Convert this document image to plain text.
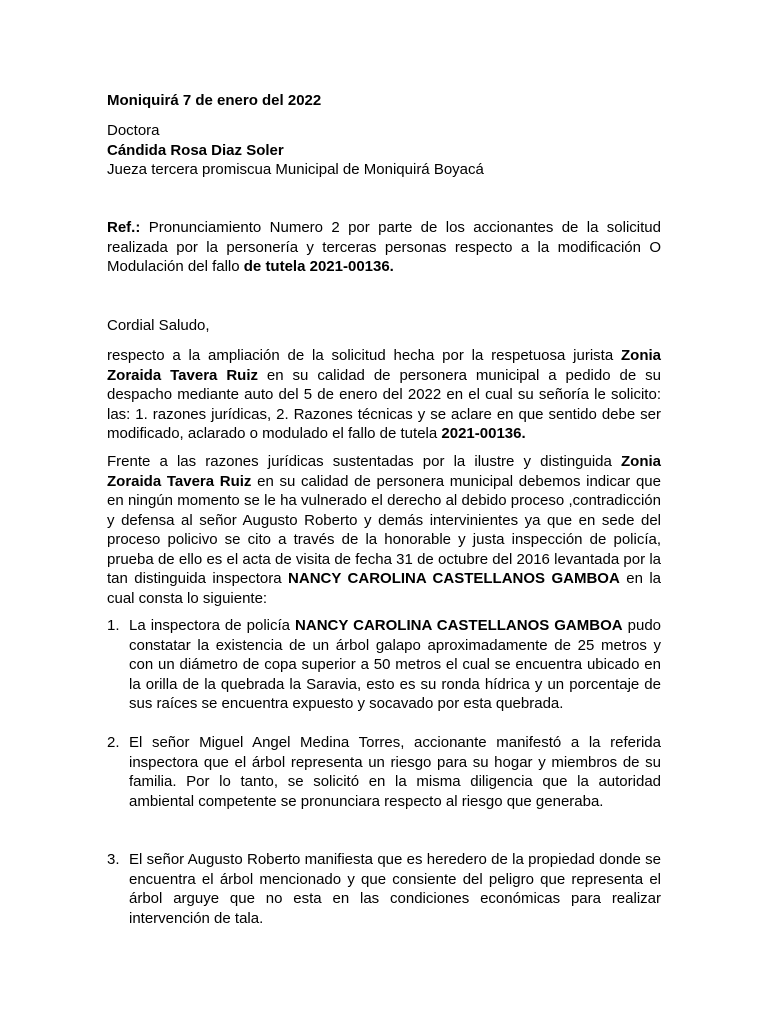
Moniquirá 7 de enero del 2022

Doctora
Cándida Rosa Diaz Soler
Jueza tercera promiscua Municipal de Moniquirá Boyacá

Ref.: Pronunciamiento Numero 2 por parte de los accionantes de la solicitud realizada por la personería y terceras personas respecto a la modificación O Modulación del fallo de tutela 2021-00136.

Cordial Saludo,

respecto a la ampliación de la solicitud hecha por la respetuosa jurista Zonia Zoraida Tavera Ruiz en su calidad de personera municipal a pedido de su despacho mediante auto del 5 de enero del 2022 en el cual su señoría le solicito: las: 1. razones jurídicas, 2. Razones técnicas y se aclare en que sentido debe ser modificado, aclarado o modulado el fallo de tutela 2021-00136.

Frente a las razones jurídicas sustentadas por la ilustre y distinguida Zonia Zoraida Tavera Ruiz en su calidad de personera municipal debemos indicar que en ningún momento se le ha vulnerado el derecho al debido proceso ,contradicción y defensa al señor Augusto Roberto y demás intervinientes ya que en sede del proceso policivo se cito a través de la honorable y justa inspección de policía, prueba de ello es el acta de visita de fecha 31 de octubre del 2016 levantada por la tan distinguida inspectora NANCY CAROLINA CASTELLANOS GAMBOA en la cual consta lo siguiente:

1. La inspectora de policía NANCY CAROLINA CASTELLANOS GAMBOA pudo constatar la existencia de un árbol galapo aproximadamente de 25 metros y con un diámetro de copa superior a 50 metros el cual se encuentra ubicado en la orilla de la quebrada la Saravia, esto es su ronda hídrica y un porcentaje de sus raíces se encuentra expuesto y socavado por esta quebrada.
2. El señor Miguel Angel Medina Torres, accionante manifestó a la referida inspectora que el árbol representa un riesgo para su hogar y miembros de su familia. Por lo tanto, se solicitó en la misma diligencia que la autoridad ambiental competente se pronunciara respecto al riesgo que generaba.
3. El señor Augusto Roberto manifiesta que es heredero de la propiedad donde se encuentra el árbol mencionado y que consiente del peligro que representa el árbol arguye que no esta en las condiciones económicas para realizar intervención de tala.
